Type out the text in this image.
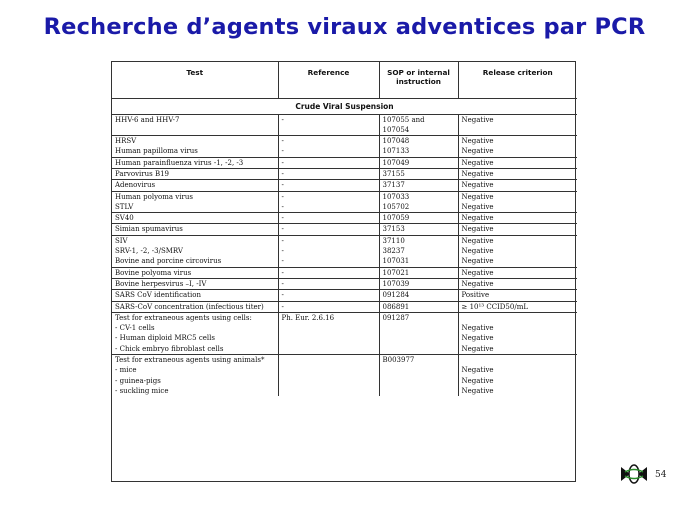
Recherche d’agents viraux adventices par PCR
Test	Reference	SOP or internal instruction	Release criterion
Crude Viral Suspension			
HHV-6 and HHV-7	-	107055 and	Negative
		107054	
HRSV	-	107048	Negative
Human papilloma virus	-	107133	Negative
Human parainfluenza virus -1, -2, -3	-	107049	Negative
Parvovirus B19	-	37155	Negative
Adenovirus	-	37137	Negative
Human polyoma virus	-	107033	Negative
STLV	-	105702	Negative
SV40	-	107059	Negative
Simian spumavirus	-	37153	Negative
SIV	-	37110	Negative
SRV-1, -2, -3/SMRV	-	38237	Negative
Bovine and porcine circovirus	-	107031	Negative
Bovine polyoma virus	-	107021	Negative
Bovine herpesvirus –I, -IV	-	107039	Negative
SARS CoV identification	-	091284	Positive
SARS-CoV concentration (infectious titer)	-	086891	≥ 10¹³ CCID50/mL
Test for extraneous agents using cells:	Ph. Eur. 2.6.16	091287	
- CV-1 cells			Negative
- Human diploid MRC5 cells			Negative
- Chick embryo fibroblast cells			Negative
Test for extraneous agents using animals*		B003977	
- mice			Negative
- guinea-pigs			Negative
- suckling mice			Negative
54
